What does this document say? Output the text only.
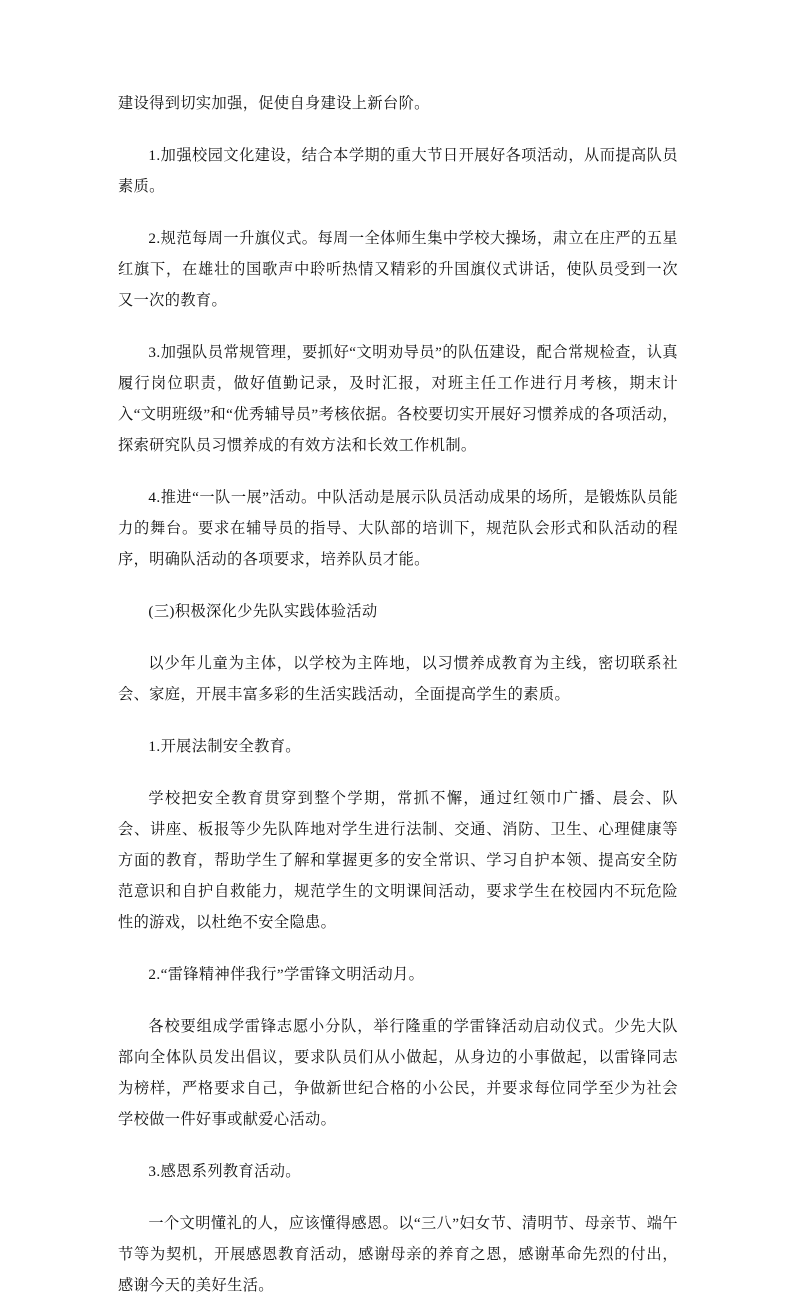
建设得到切实加强，促使自身建设上新台阶。

1.加强校园文化建设，结合本学期的重大节日开展好各项活动，从而提高队员素质。

2.规范每周一升旗仪式。每周一全体师生集中学校大操场，肃立在庄严的五星红旗下，在雄壮的国歌声中聆听热情又精彩的升国旗仪式讲话，使队员受到一次又一次的教育。

3.加强队员常规管理，要抓好“文明劝导员”的队伍建设，配合常规检查，认真履行岗位职责，做好值勤记录，及时汇报，对班主任工作进行月考核，期末计入“文明班级”和“优秀辅导员”考核依据。各校要切实开展好习惯养成的各项活动，探索研究队员习惯养成的有效方法和长效工作机制。

4.推进“一队一展”活动。中队活动是展示队员活动成果的场所，是锻炼队员能力的舞台。要求在辅导员的指导、大队部的培训下，规范队会形式和队活动的程序，明确队活动的各项要求，培养队员才能。

(三)积极深化少先队实践体验活动

以少年儿童为主体，以学校为主阵地，以习惯养成教育为主线，密切联系社会、家庭，开展丰富多彩的生活实践活动，全面提高学生的素质。

1.开展法制安全教育。

学校把安全教育贯穿到整个学期，常抓不懈，通过红领巾广播、晨会、队会、讲座、板报等少先队阵地对学生进行法制、交通、消防、卫生、心理健康等方面的教育，帮助学生了解和掌握更多的安全常识、学习自护本领、提高安全防范意识和自护自救能力，规范学生的文明课间活动，要求学生在校园内不玩危险性的游戏，以杜绝不安全隐患。

2.“雷锋精神伴我行”学雷锋文明活动月。

各校要组成学雷锋志愿小分队，举行隆重的学雷锋活动启动仪式。少先大队部向全体队员发出倡议，要求队员们从小做起，从身边的小事做起，以雷锋同志为榜样，严格要求自己，争做新世纪合格的小公民，并要求每位同学至少为社会学校做一件好事或献爱心活动。

3.感恩系列教育活动。

一个文明懂礼的人，应该懂得感恩。以“三八”妇女节、清明节、母亲节、端午节等为契机，开展感恩教育活动，感谢母亲的养育之恩，感谢革命先烈的付出，感谢今天的美好生活。
